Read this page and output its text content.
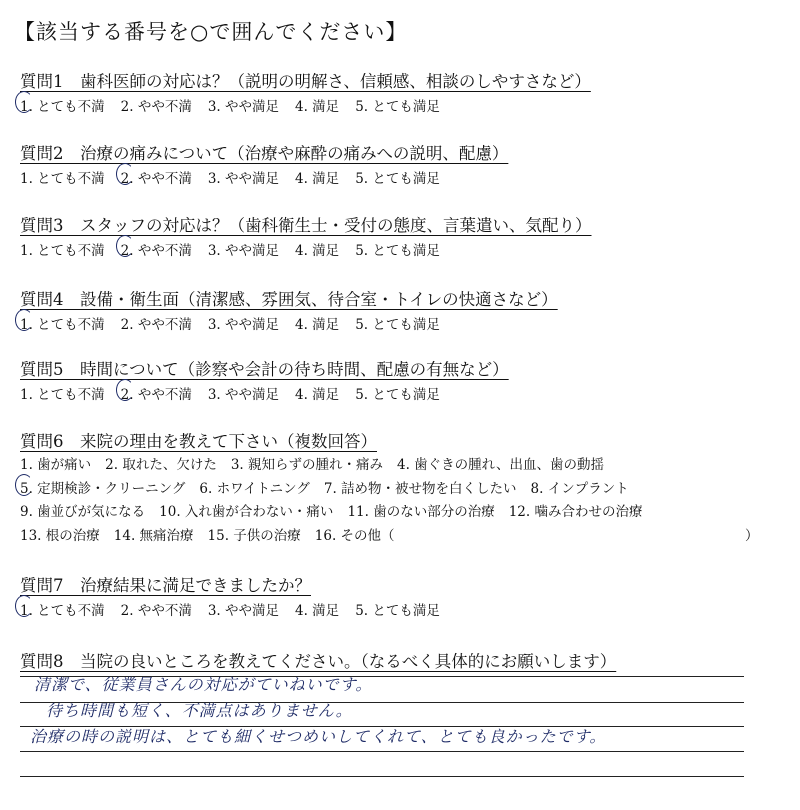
【該当する番号を○で囲んでください】
質問1　歯科医師の対応は？（説明の明解さ、信頼感、相談のしやすさなど）
1. とても不満 2. やや不満 3. やや満足 4. 満足 5. とても満足
質問2　治療の痛みについて（治療や麻酔の痛みへの説明、配慮）
1. とても不満 2. やや不満 3. やや満足 4. 満足 5. とても満足
質問3　スタッフの対応は？（歯科衛生士・受付の態度、言葉遣い、気配り）
1. とても不満 2. やや不満 3. やや満足 4. 満足 5. とても満足
質問4　設備・衛生面（清潔感、雰囲気、待合室・トイレの快適さなど）
1. とても不満 2. やや不満 3. やや満足 4. 満足 5. とても満足
質問5　時間について（診察や会計の待ち時間、配慮の有無など）
1. とても不満 2. やや不満 3. やや満足 4. 満足 5. とても満足
質問6　来院の理由を教えて下さい（複数回答）
1. 歯が痛い 2. 取れた、欠けた 3. 親知らずの腫れ・痛み 4. 歯ぐきの腫れ、出血、歯の動揺
5. 定期検診・クリーニング 6. ホワイトニング 7. 詰め物・被せ物を白くしたい 8. インプラント
9. 歯並びが気になる 10. 入れ歯が合わない・痛い 11. 歯のない部分の治療 12. 噛み合わせの治療
13. 根の治療 14. 無痛治療 15. 子供の治療 16. その他（	）
質問7　治療結果に満足できましたか？
1. とても不満 2. やや不満 3. やや満足 4. 満足 5. とても満足
質問8　当院の良いところを教えてください。（なるべく具体的にお願いします）
清潔で、従業員さんの対応がていねいです。
待ち時間も短く、不満点はありません。
治療の時の説明は、とても細くせつめいしてくれて、とても良かったです。
